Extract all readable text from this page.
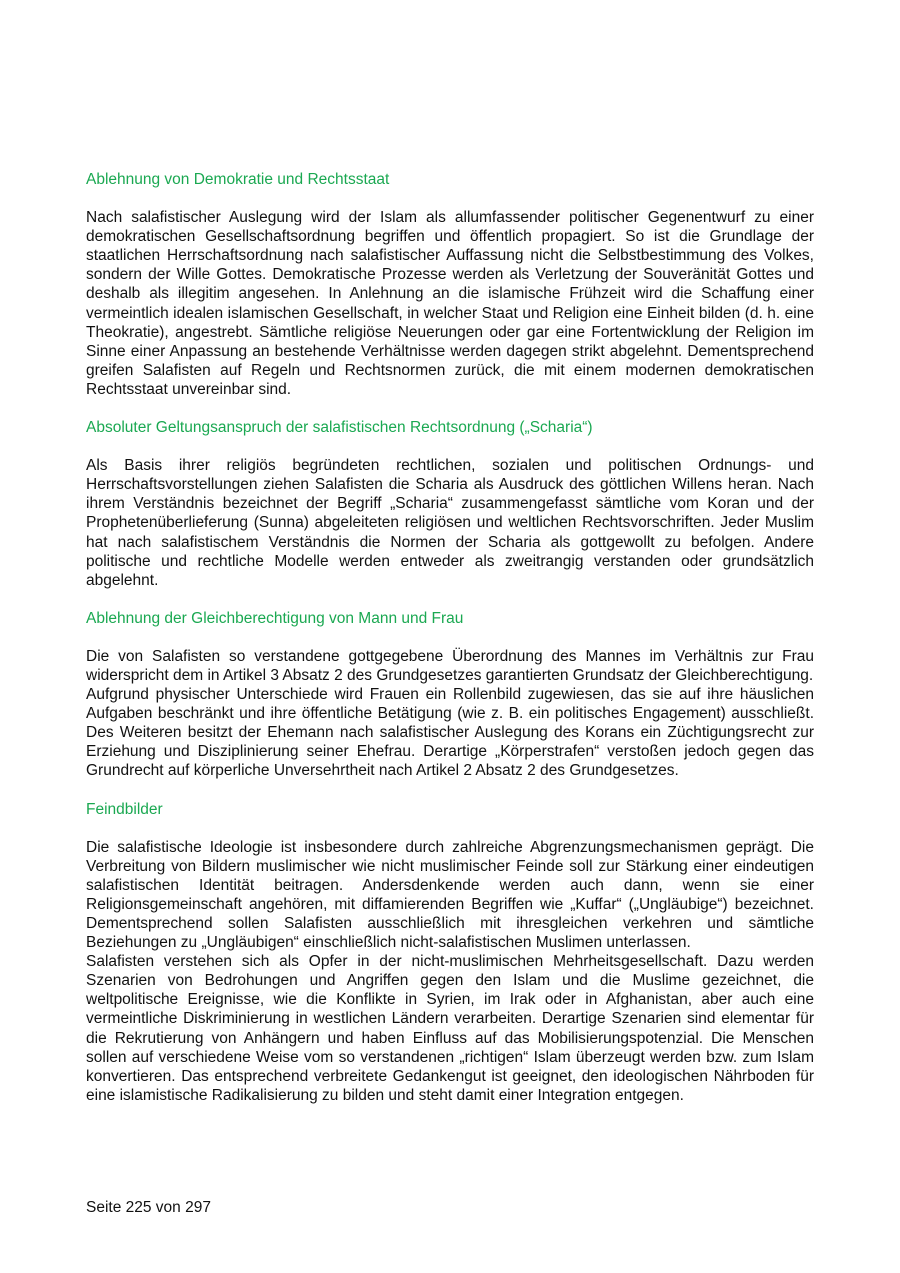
Ablehnung von Demokratie und Rechtsstaat

Nach salafistischer Auslegung wird der Islam als allumfassender politischer Gegenentwurf zu einer demokratischen Gesellschaftsordnung begriffen und öffentlich propagiert. So ist die Grundlage der staatlichen Herrschaftsordnung nach salafistischer Auffassung nicht die Selbstbestimmung des Volkes, sondern der Wille Gottes. Demokratische Prozesse werden als Verletzung der Souveränität Gottes und deshalb als illegitim angesehen. In Anlehnung an die islamische Frühzeit wird die Schaffung einer vermeintlich idealen islamischen Gesellschaft, in welcher Staat und Religion eine Einheit bilden (d. h. eine Theokratie), angestrebt. Sämtliche religiöse Neuerungen oder gar eine Fortentwicklung der Religion im Sinne einer Anpassung an bestehende Verhältnisse werden dagegen strikt abgelehnt. Dementsprechend greifen Salafisten auf Regeln und Rechtsnormen zurück, die mit einem modernen demokratischen Rechtsstaat unvereinbar sind.

Absoluter Geltungsanspruch der salafistischen Rechtsordnung („Scharia“)

Als Basis ihrer religiös begründeten rechtlichen, sozialen und politischen Ordnungs- und Herrschaftsvorstellungen ziehen Salafisten die Scharia als Ausdruck des göttlichen Willens heran. Nach ihrem Verständnis bezeichnet der Begriff „Scharia“ zusammengefasst sämtliche vom Koran und der Prophetenüberlieferung (Sunna) abgeleiteten religiösen und weltlichen Rechtsvorschriften. Jeder Muslim hat nach salafistischem Verständnis die Normen der Scharia als gottgewollt zu befolgen. Andere politische und rechtliche Modelle werden entweder als zweitrangig verstanden oder grundsätzlich abgelehnt.

Ablehnung der Gleichberechtigung von Mann und Frau

Die von Salafisten so verstandene gottgegebene Überordnung des Mannes im Verhältnis zur Frau widerspricht dem in Artikel 3 Absatz 2 des Grundgesetzes garantierten Grundsatz der Gleichberechtigung.

Aufgrund physischer Unterschiede wird Frauen ein Rollenbild zugewiesen, das sie auf ihre häuslichen Aufgaben beschränkt und ihre öffentliche Betätigung (wie z. B. ein politisches Engagement) ausschließt. Des Weiteren besitzt der Ehemann nach salafistischer Auslegung des Korans ein Züchtigungsrecht zur Erziehung und Disziplinierung seiner Ehefrau. Derartige „Körperstrafen“ verstoßen jedoch gegen das Grundrecht auf körperliche Unversehrtheit nach Artikel 2 Absatz 2 des Grundgesetzes.

Feindbilder

Die salafistische Ideologie ist insbesondere durch zahlreiche Abgrenzungsmechanismen geprägt. Die Verbreitung von Bildern muslimischer wie nicht muslimischer Feinde soll zur Stärkung einer eindeutigen salafistischen Identität beitragen. Andersdenkende werden auch dann, wenn sie einer Religionsgemeinschaft angehören, mit diffamierenden Begriffen wie „Kuffar“ („Ungläubige“) bezeichnet. Dementsprechend sollen Salafisten ausschließlich mit ihresgleichen verkehren und sämtliche Beziehungen zu „Ungläubigen“ einschließlich nicht-salafistischen Muslimen unterlassen.

Salafisten verstehen sich als Opfer in der nicht-muslimischen Mehrheitsgesellschaft. Dazu werden Szenarien von Bedrohungen und Angriffen gegen den Islam und die Muslime gezeichnet, die weltpolitische Ereignisse, wie die Konflikte in Syrien, im Irak oder in Afghanistan, aber auch eine vermeintliche Diskriminierung in westlichen Ländern verarbeiten. Derartige Szenarien sind elementar für die Rekrutierung von Anhängern und haben Einfluss auf das Mobilisierungspotenzial. Die Menschen sollen auf verschiedene Weise vom so verstandenen „richtigen“ Islam überzeugt werden bzw. zum Islam konvertieren. Das entsprechend verbreitete Gedankengut ist geeignet, den ideologischen Nährboden für eine islamistische Radikalisierung zu bilden und steht damit einer Integration entgegen.

Seite 225 von 297
